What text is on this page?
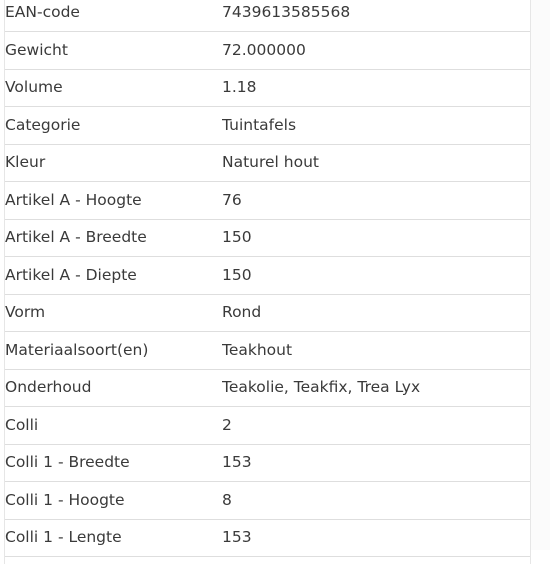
EAN-code	7439613585568
Gewicht	72.000000
Volume	1.18
Categorie	Tuintafels
Kleur	Naturel hout
Artikel A - Hoogte	76
Artikel A - Breedte	150
Artikel A - Diepte	150
Vorm	Rond
Materiaalsoort(en)	Teakhout
Onderhoud	Teakolie, Teakfix, Trea Lyx
Colli	2
Colli 1 - Breedte	153
Colli 1 - Hoogte	8
Colli 1 - Lengte	153
